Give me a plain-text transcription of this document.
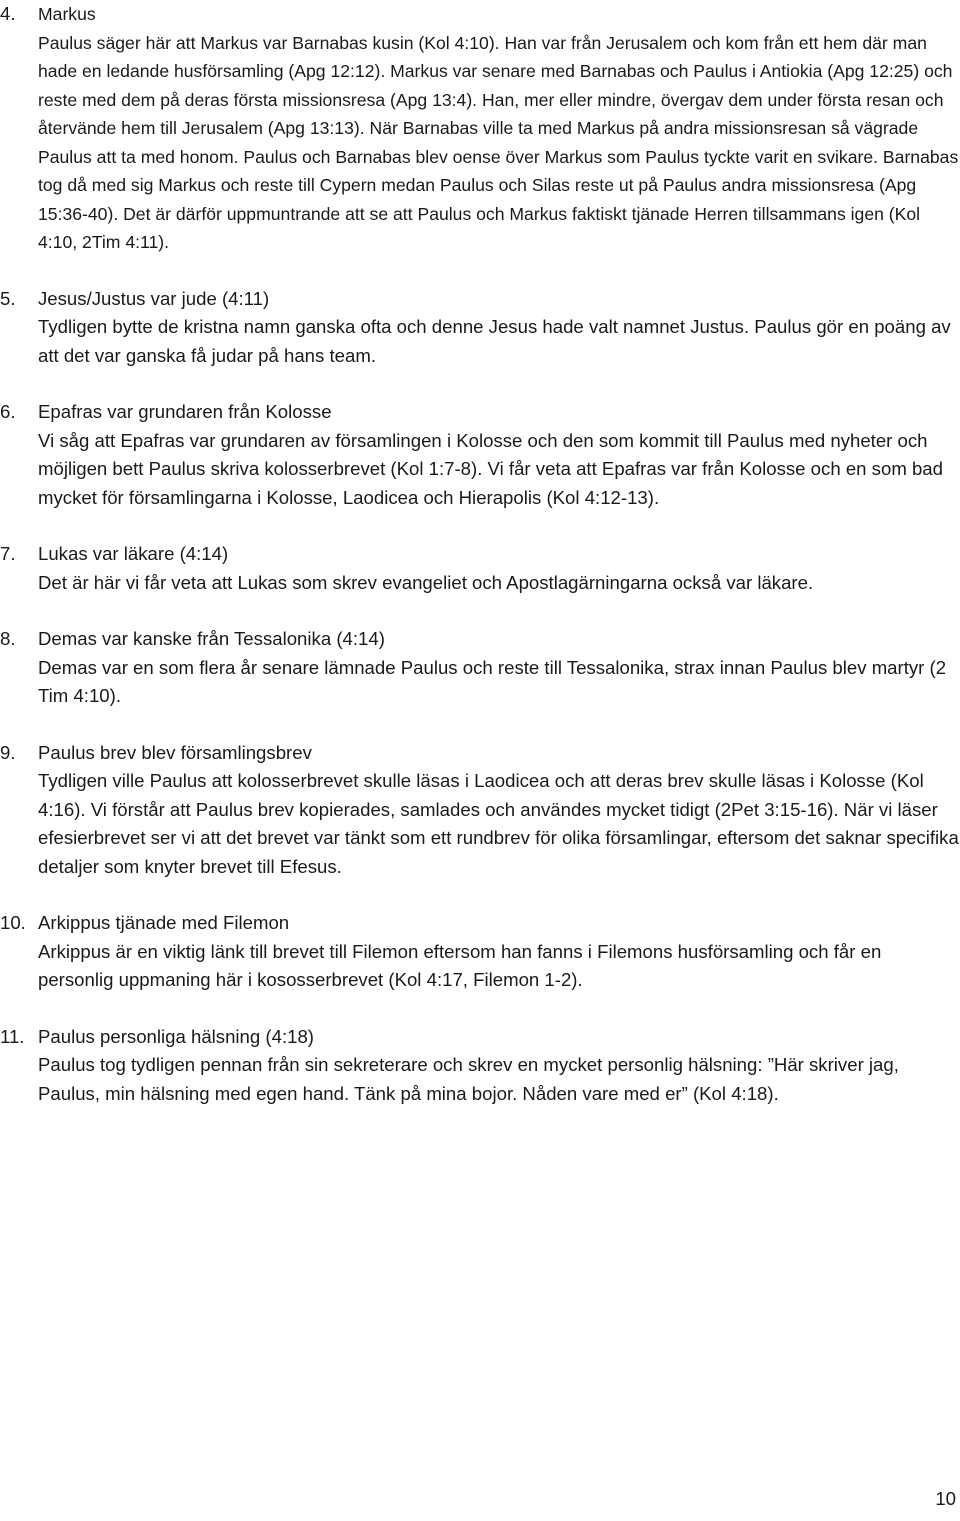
4.	Markus
Paulus säger här att Markus var Barnabas kusin (Kol 4:10). Han var från Jerusalem och kom från ett hem där man hade en ledande husförsamling (Apg 12:12). Markus var senare med Barnabas och Paulus i Antiokia (Apg 12:25) och reste med dem på deras första missionsresa (Apg 13:4). Han, mer eller mindre, övergav dem under första resan och återvände hem till Jerusalem (Apg 13:13). När Barnabas ville ta med Markus på andra missionsresan så vägrade Paulus att ta med honom. Paulus och Barnabas blev oense över Markus som Paulus tyckte varit en svikare. Barnabas tog då med sig Markus och reste till Cypern medan Paulus och Silas reste ut på Paulus andra missionsresa (Apg 15:36-40). Det är därför uppmuntrande att se att Paulus och Markus faktiskt tjänade Herren tillsammans igen (Kol 4:10, 2Tim 4:11).
5.	Jesus/Justus var jude (4:11)
Tydligen bytte de kristna namn ganska ofta och denne Jesus hade valt namnet Justus. Paulus gör en poäng av att det var ganska få judar på hans team.
6.	Epafras var grundaren från Kolosse
Vi såg att Epafras var grundaren av församlingen i Kolosse och den som kommit till Paulus med nyheter och möjligen bett Paulus skriva kolosserbrevet (Kol 1:7-8). Vi får veta att Epafras var från Kolosse och en som bad mycket för församlingarna i Kolosse, Laodicea och Hierapolis (Kol 4:12-13).
7.	Lukas var läkare (4:14)
Det är här vi får veta att Lukas som skrev evangeliet och Apostlagärningarna också var läkare.
8.	Demas var kanske från Tessalonika (4:14)
Demas var en som flera år senare lämnade Paulus och reste till Tessalonika, strax innan Paulus blev martyr (2 Tim 4:10).
9.	Paulus brev blev församlingsbrev
Tydligen ville Paulus att kolosserbrevet skulle läsas i Laodicea och att deras brev skulle läsas i Kolosse (Kol 4:16). Vi förstår att Paulus brev kopierades, samlades och användes mycket tidigt (2Pet 3:15-16). När vi läser efesierbrevet ser vi att det brevet var tänkt som ett rundbrev för olika församlingar, eftersom det saknar specifika detaljer som knyter brevet till Efesus.
10. Arkippus tjänade med Filemon
Arkippus är en viktig länk till brevet till Filemon eftersom han fanns i Filemons husförsamling och får en personlig uppmaning här i kososserbrevet (Kol 4:17, Filemon 1-2).
11. Paulus personliga hälsning (4:18)
Paulus tog tydligen pennan från sin sekreterare och skrev en mycket personlig hälsning: ”Här skriver jag, Paulus, min hälsning med egen hand. Tänk på mina bojor. Nåden vare med er” (Kol 4:18).
10
